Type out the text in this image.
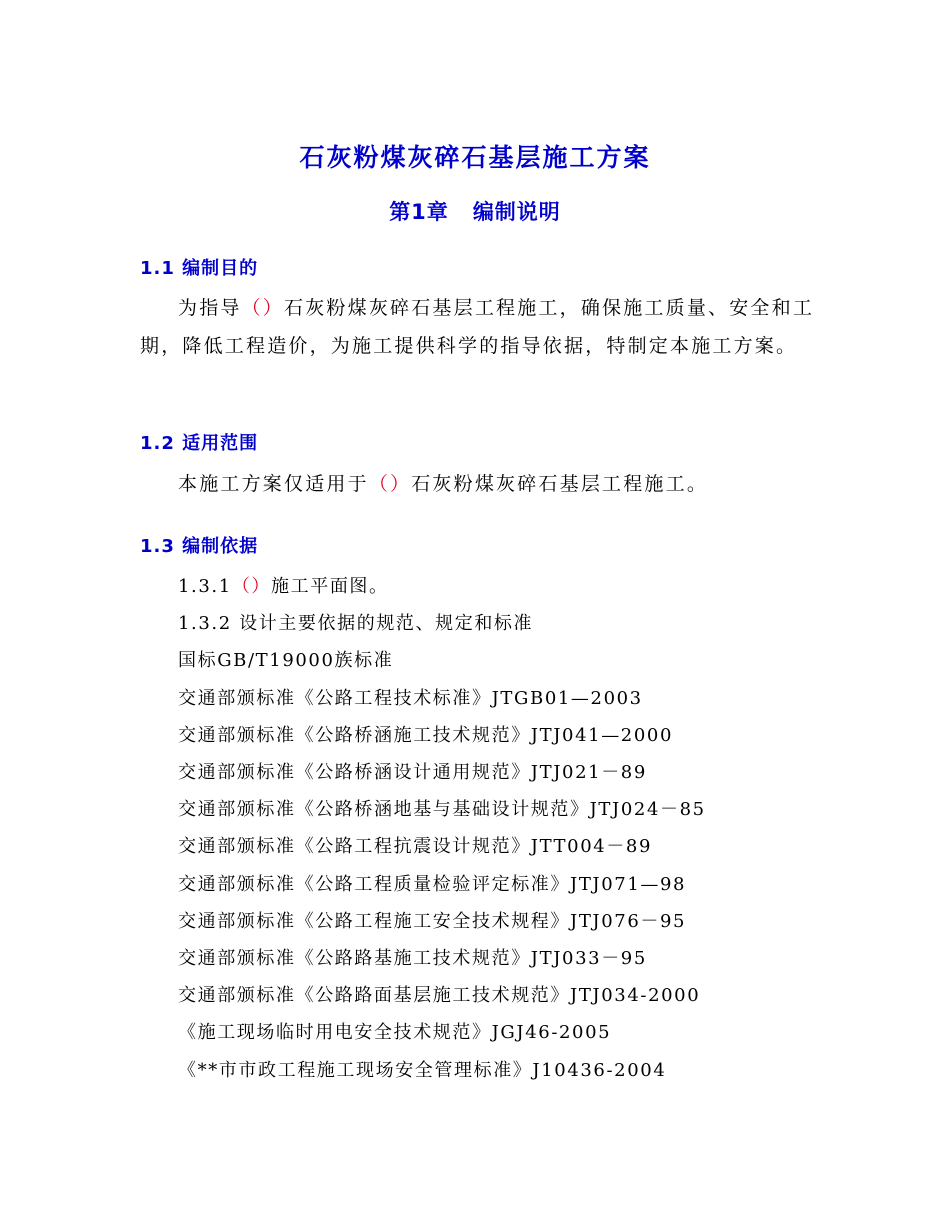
石灰粉煤灰碎石基层施工方案
第1章 编制说明
1.1 编制目的
为指导（）石灰粉煤灰碎石基层工程施工，确保施工质量、安全和工期，降低工程造价，为施工提供科学的指导依据，特制定本施工方案。
1.2 适用范围
本施工方案仅适用于（）石灰粉煤灰碎石基层工程施工。
1.3 编制依据
1.3.1（）施工平面图。
1.3.2 设计主要依据的规范、规定和标准
国标GB/T19000族标准
交通部颁标准《公路工程技术标准》JTGB01—2003
交通部颁标准《公路桥涵施工技术规范》JTJ041—2000
交通部颁标准《公路桥涵设计通用规范》JTJ021－89
交通部颁标准《公路桥涵地基与基础设计规范》JTJ024－85
交通部颁标准《公路工程抗震设计规范》JTT004－89
交通部颁标准《公路工程质量检验评定标准》JTJ071—98
交通部颁标准《公路工程施工安全技术规程》JTJ076－95
交通部颁标准《公路路基施工技术规范》JTJ033－95
交通部颁标准《公路路面基层施工技术规范》JTJ034-2000
《施工现场临时用电安全技术规范》JGJ46-2005
《**市市政工程施工现场安全管理标准》J10436-2004
